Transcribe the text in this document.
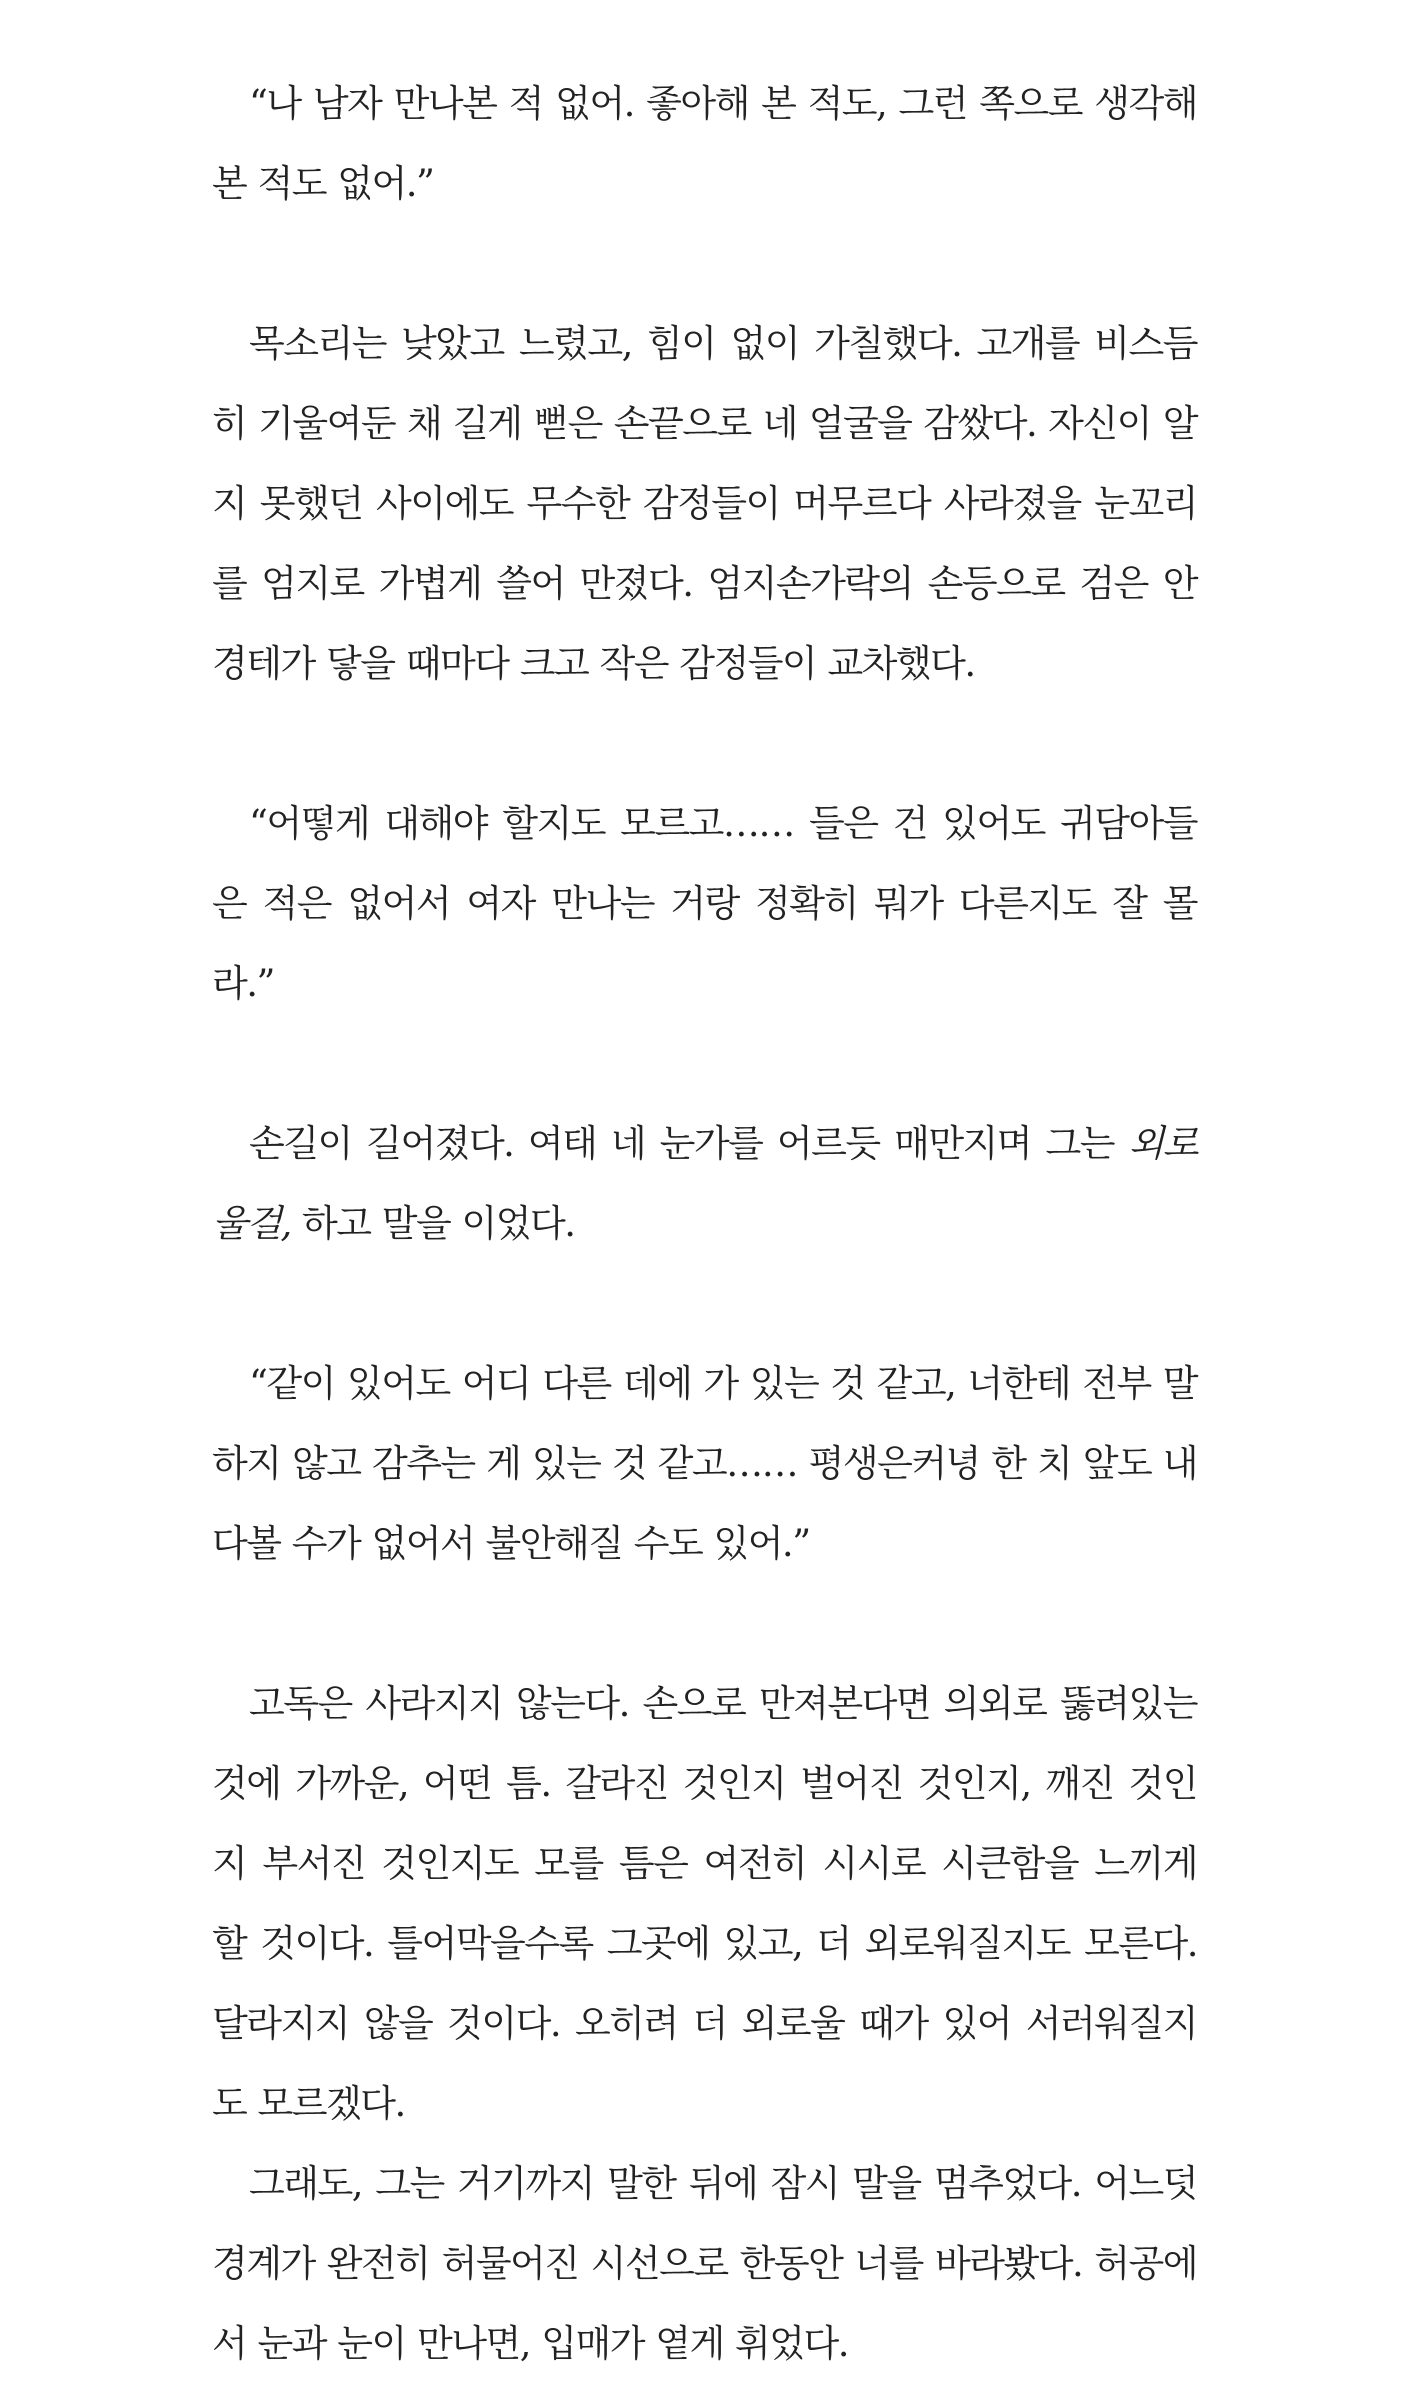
“나 남자 만나본 적 없어. 좋아해 본 적도, 그런 쪽으로 생각해 본 적도 없어.”

목소리는 낮았고 느렸고, 힘이 없이 가칠했다. 고개를 비스듬히 기울여둔 채 길게 뻗은 손끝으로 네 얼굴을 감쌌다. 자신이 알지 못했던 사이에도 무수한 감정들이 머무르다 사라졌을 눈꼬리를 엄지로 가볍게 쓸어 만졌다. 엄지손가락의 손등으로 검은 안경테가 닿을 때마다 크고 작은 감정들이 교차했다.

“어떻게 대해야 할지도 모르고…… 들은 건 있어도 귀담아들은 적은 없어서 여자 만나는 거랑 정확히 뭐가 다른지도 잘 몰라.”

손길이 길어졌다. 여태 네 눈가를 어르듯 매만지며 그는 외로울걸, 하고 말을 이었다.

“같이 있어도 어디 다른 데에 가 있는 것 같고, 너한테 전부 말하지 않고 감추는 게 있는 것 같고…… 평생은커녕 한 치 앞도 내다볼 수가 없어서 불안해질 수도 있어.”

고독은 사라지지 않는다. 손으로 만져본다면 의외로 뚫려있는 것에 가까운, 어떤 틈. 갈라진 것인지 벌어진 것인지, 깨진 것인지 부서진 것인지도 모를 틈은 여전히 시시로 시큰함을 느끼게 할 것이다. 틀어막을수록 그곳에 있고, 더 외로워질지도 모른다. 달라지지 않을 것이다. 오히려 더 외로울 때가 있어 서러워질지도 모르겠다.

그래도, 그는 거기까지 말한 뒤에 잠시 말을 멈추었다. 어느덧 경계가 완전히 허물어진 시선으로 한동안 너를 바라봤다. 허공에서 눈과 눈이 만나면, 입매가 옅게 휘었다.
